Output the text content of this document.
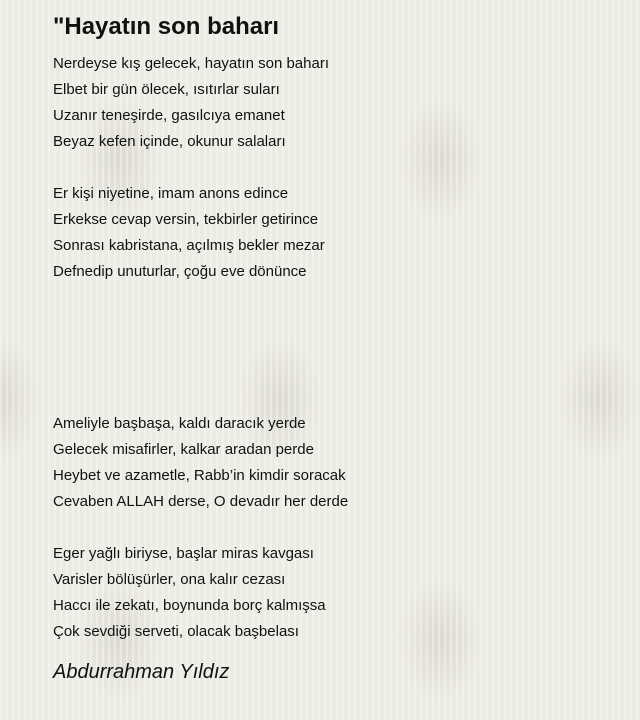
"Hayatın son baharı
Nerdeyse kış gelecek, hayatın son baharı
Elbet bir gün ölecek, ısıtırlar suları
Uzanır teneşirde, gasılcıya emanet
Beyaz kefen içinde, okunur salaları
Er kişi niyetine, imam anons edince
Erkekse cevap versin, tekbirler getirince
Sonrası kabristana, açılmış bekler mezar
Defnedip unuturlar, çoğu eve dönünce
Ameliyle başbaşa, kaldı daracık yerde
Gelecek misafirler, kalkar aradan perde
Heybet ve azametle, Rabb’in kimdir soracak
Cevaben ALLAH derse, O devadır her derde
Eger yağlı biriyse, başlar miras kavgası
Varisler bölüşürler, ona kalır cezası
Haccı ile zekatı, boynunda borç kalmışsa
Çok sevdiği serveti, olacak başbelası
Abdurrahman Yıldız
